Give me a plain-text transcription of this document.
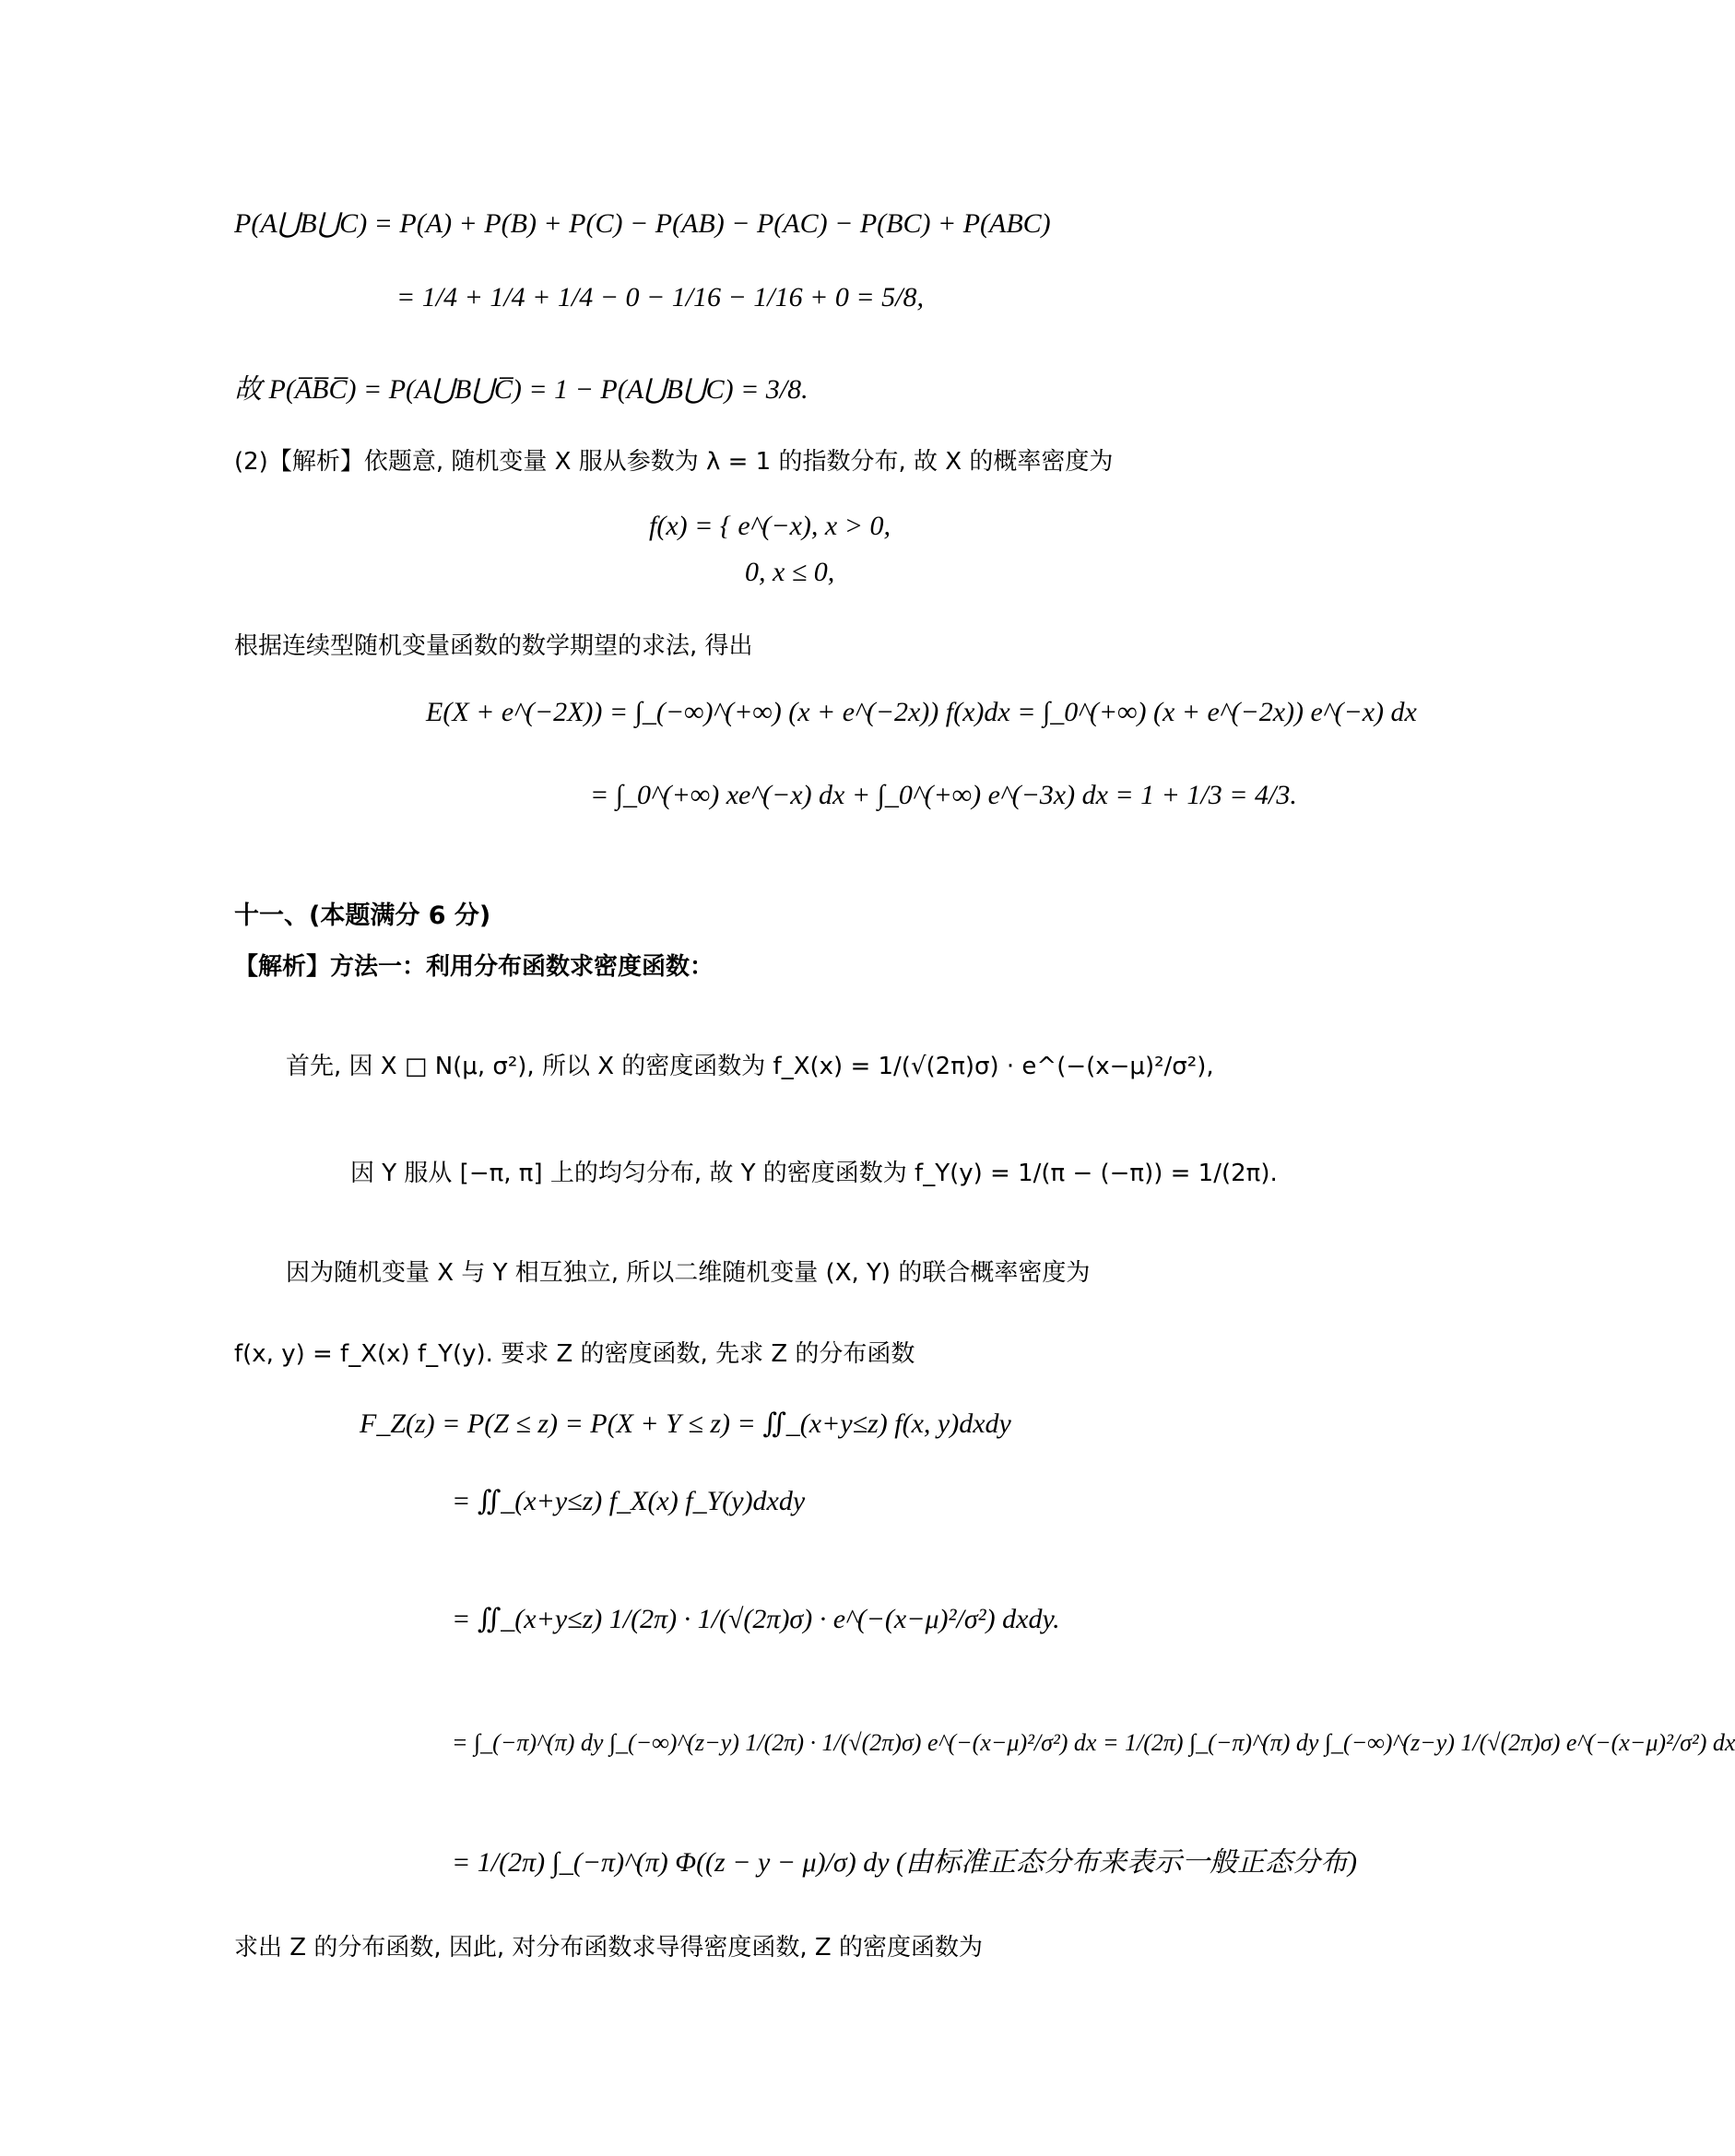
P(A⋃B⋃C) = P(A) + P(B) + P(C) − P(AB) − P(AC) − P(BC) + P(ABC)
= 1/4 + 1/4 + 1/4 − 0 − 1/16 − 1/16 + 0 = 5/8,
故 P(A̅B̅C̅) = P(A⋃B⋃C̅) = 1 − P(A⋃B⋃C) = 3/8.
(2)【解析】依题意, 随机变量 X 服从参数为 λ = 1 的指数分布, 故 X 的概率密度为
f(x) = { e^(−x), x > 0,
0, x ≤ 0,
根据连续型随机变量函数的数学期望的求法, 得出
E(X + e^(−2X)) = ∫_(−∞)^(+∞) (x + e^(−2x)) f(x)dx = ∫_0^(+∞) (x + e^(−2x)) e^(−x) dx
= ∫_0^(+∞) xe^(−x) dx + ∫_0^(+∞) e^(−3x) dx = 1 + 1/3 = 4/3.
十一、(本题满分 6 分)
【解析】方法一：利用分布函数求密度函数：
首先, 因 X □ N(μ, σ²), 所以 X 的密度函数为 f_X(x) = 1/(√(2π)σ) · e^(−(x−μ)²/σ²),
因 Y 服从 [−π, π] 上的均匀分布, 故 Y 的密度函数为 f_Y(y) = 1/(π − (−π)) = 1/(2π).
因为随机变量 X 与 Y 相互独立, 所以二维随机变量 (X, Y) 的联合概率密度为
f(x, y) = f_X(x) f_Y(y). 要求 Z 的密度函数, 先求 Z 的分布函数
F_Z(z) = P(Z ≤ z) = P(X + Y ≤ z) = ∬_(x+y≤z) f(x, y)dxdy
= ∬_(x+y≤z) f_X(x) f_Y(y)dxdy
= ∬_(x+y≤z) 1/(2π) · 1/(√(2π)σ) · e^(−(x−μ)²/σ²) dxdy.
= ∫_(−π)^(π) dy ∫_(−∞)^(z−y) 1/(2π) · 1/(√(2π)σ) e^(−(x−μ)²/σ²) dx = 1/(2π) ∫_(−π)^(π) dy ∫_(−∞)^(z−y) 1/(√(2π)σ) e^(−(x−μ)²/σ²) dx
= 1/(2π) ∫_(−π)^(π) Φ((z − y − μ)/σ) dy (由标准正态分布来表示一般正态分布)
求出 Z 的分布函数, 因此, 对分布函数求导得密度函数, Z 的密度函数为
